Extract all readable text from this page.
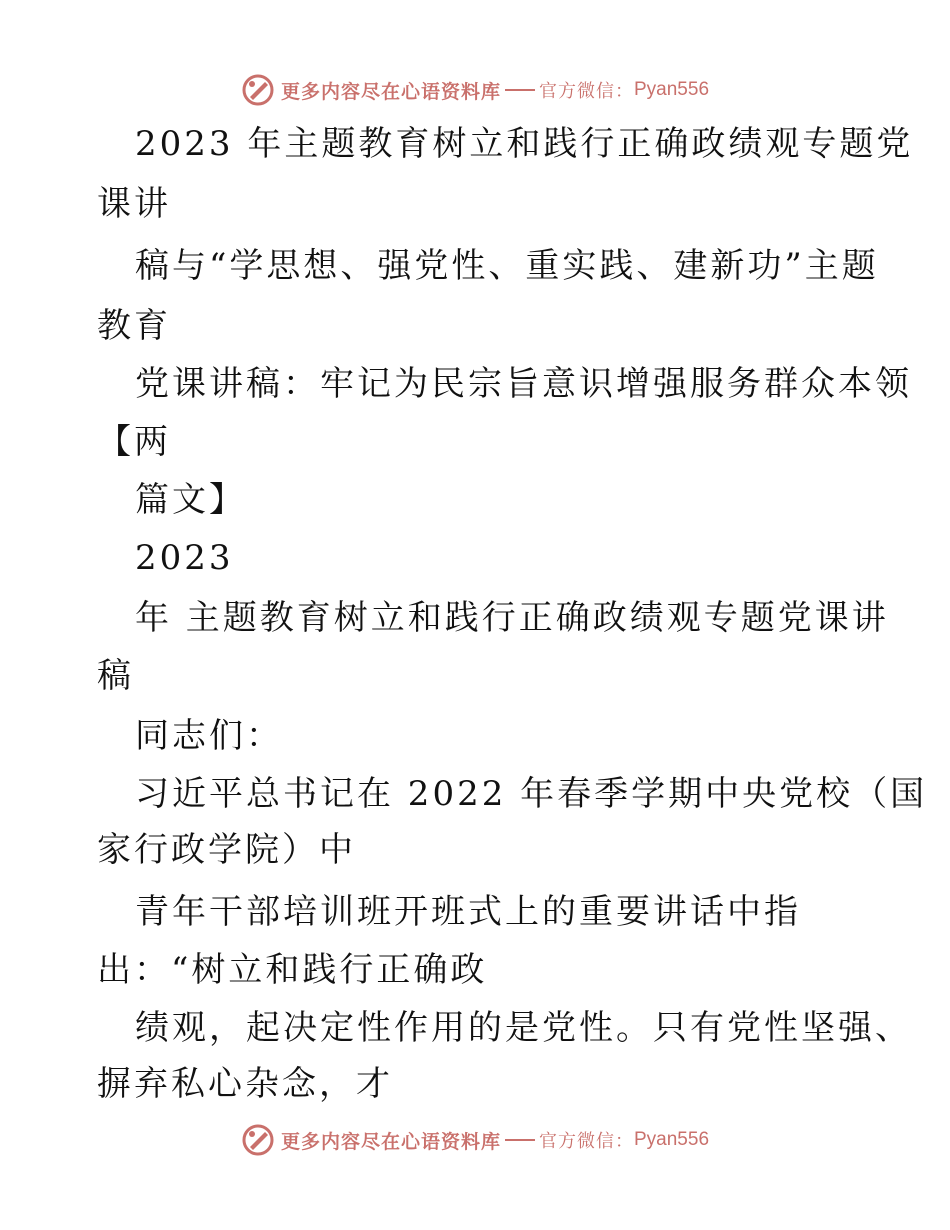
更多内容尽在心语资料库 官方微信： Pyan556
2023 年主题教育树立和践行正确政绩观专题党
课讲
稿与“学思想、强党性、重实践、建新功”主题
教育
党课讲稿：牢记为民宗旨意识增强服务群众本领
【两
篇文】
2023
年 主题教育树立和践行正确政绩观专题党课讲
稿
同志们：
习近平总书记在 2022 年春季学期中央党校（国
家行政学院）中
青年干部培训班开班式上的重要讲话中指
出：“树立和践行正确政
绩观，起决定性作用的是党性。只有党性坚强、
摒弃私心杂念，才
更多内容尽在心语资料库 官方微信： Pyan556
